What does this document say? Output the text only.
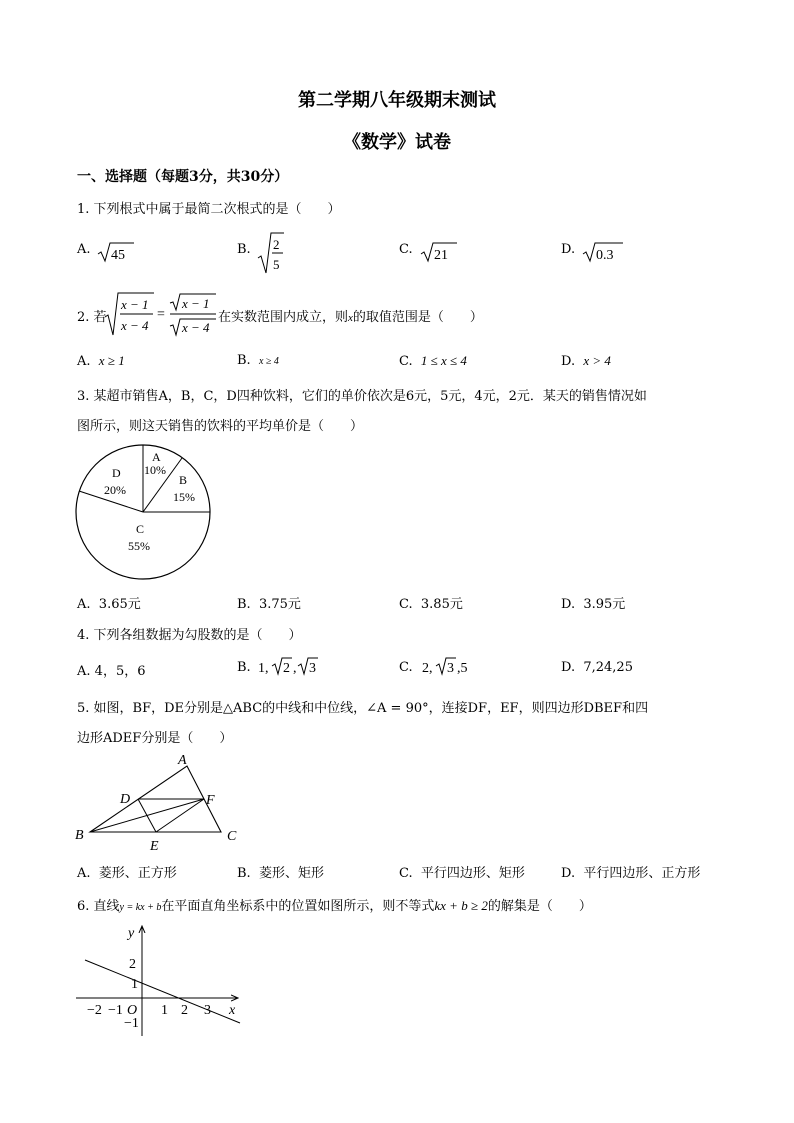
第二学期八年级期末测试
《数学》试卷
一、选择题（每题3分，共30分）
1. 下列根式中属于最简二次根式的是（　　）
A. 45	B. 2
5
C. 21	D. 0.3
2. 若
x − 1
x − 4
=
x − 1
x − 4
在实数范围内成立，则x的取值范围是（　　）
A. x ≥ 1	B. x ≥ 4	C. 1 ≤ x ≤ 4	D. x > 4
3. 某超市销售A，B，C，D四种饮料，它们的单价依次是6元，5元，4元，2元．某天的销售情况如
图所示，则这天销售的饮料的平均单价是（　　）
A
10%
B
15%
D
20%
C
55%
A. 3.65元	B. 3.75元	C. 3.85元	D. 3.95元
4. 下列各组数据为勾股数的是（　　）
A. 4，5，6	B. 1, 2 , 3	C. 2, 3 ,5	D. 7,24,25
5. 如图，BF，DE分别是△ABC的中线和中位线，∠A = 90°，连接DF，EF，则四边形DBEF和四
边形ADEF分别是（　　）
A
B	C
D
E
F
A. 菱形、正方形	B. 菱形、矩形	C. 平行四边形、矩形	D. 平行四边形、正方形
6. 直线y = kx + b在平面直角坐标系中的位置如图所示，则不等式kx + b ≥ 2的解集是（　　）
y
x
O
2
1
−1
−2 −1	1 2 3
